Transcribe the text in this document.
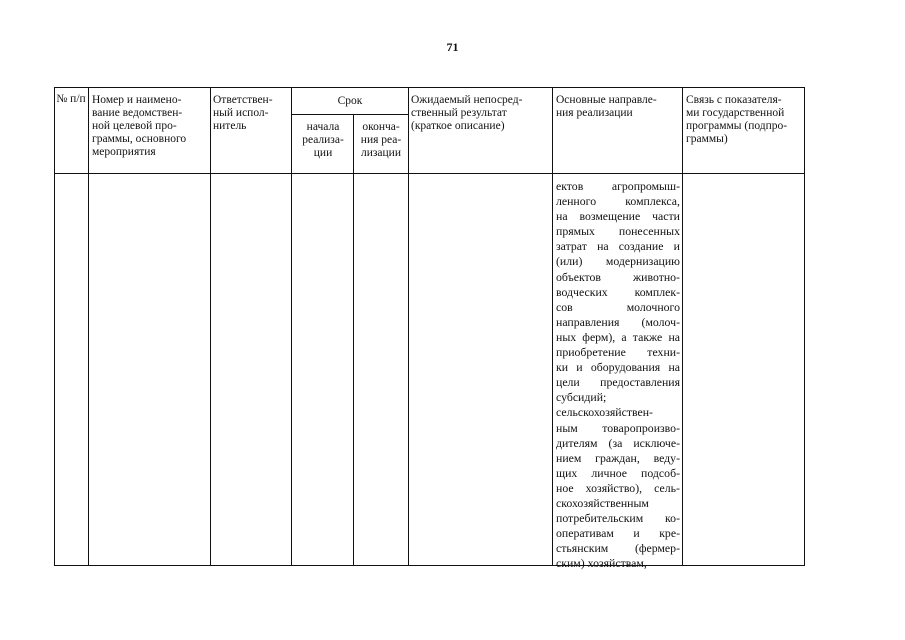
71
№ п/п Номер и наимено-
вание ведомствен-
ной целевой про-
граммы, основного
мероприятия
Ответствен-
ный испол-
нитель
Срок
начала
реализа-
ции
оконча-
ния реа-
лизации
Ожидаемый непосред-
ственный результат
(краткое описание)
Основные направле-
ния реализации
Связь с показателя-
ми государственной
программы (подпро-
граммы)
ектов агропромыш-
ленного комплекса,
на возмещение части
прямых понесенных
затрат на создание и
(или) модернизацию
объектов животно-
водческих комплек-
сов молочного
направления (молоч-
ных ферм), а также на
приобретение техни-
ки и оборудования на
цели предоставления
субсидий;
сельскохозяйствен-
ным товаропроизво-
дителям (за исключе-
нием граждан, веду-
щих личное подсоб-
ное хозяйство), сель-
скохозяйственным
потребительским ко-
оперативам и кре-
стьянским (фермер-
ским) хозяйствам,
